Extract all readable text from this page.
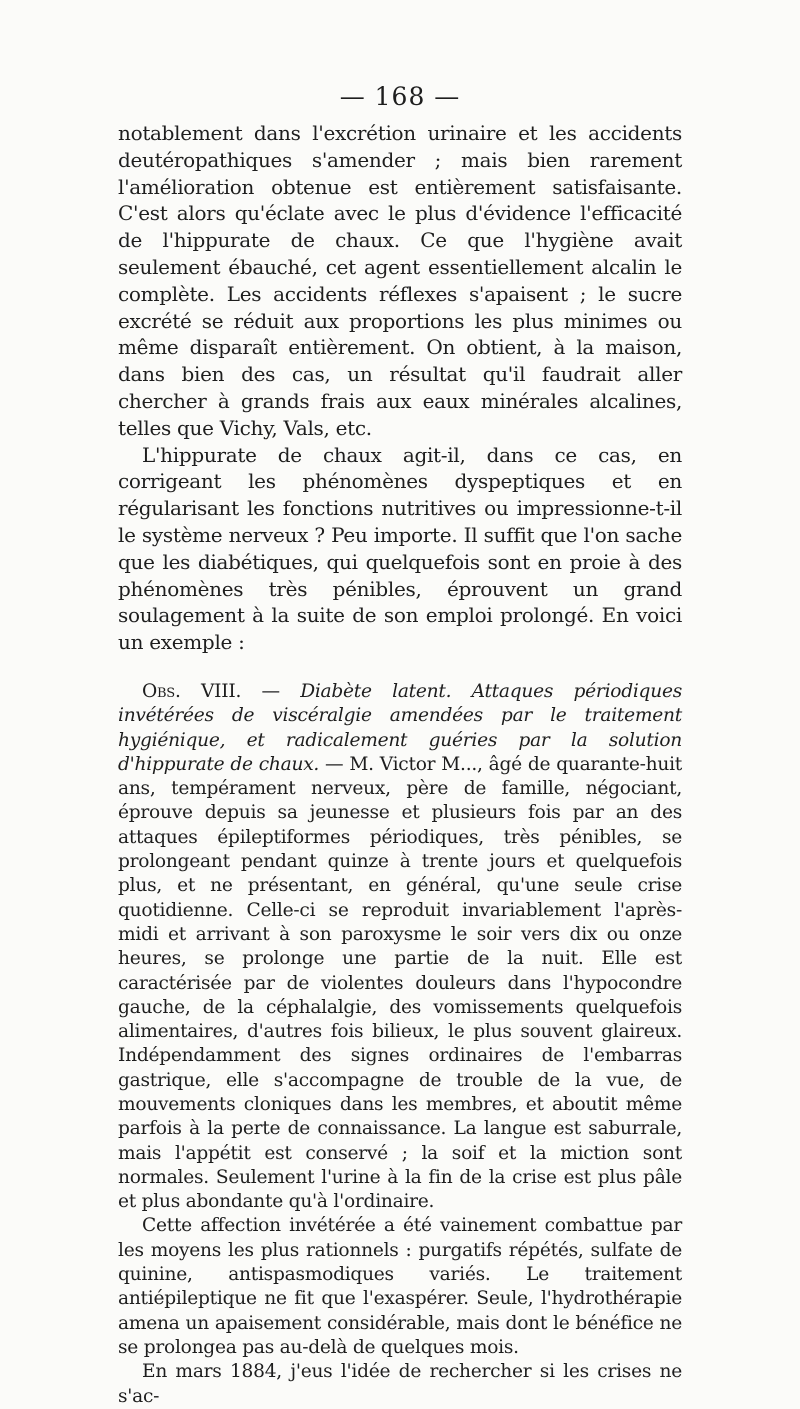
— 168 —

notablement dans l'excrétion urinaire et les accidents deutéropathiques s'amender ; mais bien rarement l'amélioration obtenue est entièrement satisfaisante. C'est alors qu'éclate avec le plus d'évidence l'efficacité de l'hippurate de chaux. Ce que l'hygiène avait seulement ébauché, cet agent essentiellement alcalin le complète. Les accidents réflexes s'apaisent ; le sucre excrété se réduit aux proportions les plus minimes ou même disparaît entièrement. On obtient, à la maison, dans bien des cas, un résultat qu'il faudrait aller chercher à grands frais aux eaux minérales alcalines, telles que Vichy, Vals, etc.

L'hippurate de chaux agit-il, dans ce cas, en corrigeant les phénomènes dyspeptiques et en régularisant les fonctions nutritives ou impressionne-t-il le système nerveux ? Peu importe. Il suffit que l'on sache que les diabétiques, qui quelquefois sont en proie à des phénomènes très pénibles, éprouvent un grand soulagement à la suite de son emploi prolongé. En voici un exemple :

Obs. VIII. — Diabète latent. Attaques périodiques invétérées de viscéralgie amendées par le traitement hygiénique, et radicalement guéries par la solution d'hippurate de chaux. — M. Victor M..., âgé de quarante-huit ans, tempérament nerveux, père de famille, négociant, éprouve depuis sa jeunesse et plusieurs fois par an des attaques épileptiformes périodiques, très pénibles, se prolongeant pendant quinze à trente jours et quelquefois plus, et ne présentant, en général, qu'une seule crise quotidienne. Celle-ci se reproduit invariablement l'après-midi et arrivant à son paroxysme le soir vers dix ou onze heures, se prolonge une partie de la nuit. Elle est caractérisée par de violentes douleurs dans l'hypocondre gauche, de la céphalalgie, des vomissements quelquefois alimentaires, d'autres fois bilieux, le plus souvent glaireux. Indépendamment des signes ordinaires de l'embarras gastrique, elle s'accompagne de trouble de la vue, de mouvements cloniques dans les membres, et aboutit même parfois à la perte de connaissance. La langue est saburrale, mais l'appétit est conservé ; la soif et la miction sont normales. Seulement l'urine à la fin de la crise est plus pâle et plus abondante qu'à l'ordinaire.

Cette affection invétérée a été vainement combattue par les moyens les plus rationnels : purgatifs répétés, sulfate de quinine, antispasmodiques variés. Le traitement antiépileptique ne fit que l'exaspérer. Seule, l'hydrothérapie amena un apaisement considérable, mais dont le bénéfice ne se prolongea pas au-delà de quelques mois.

En mars 1884, j'eus l'idée de rechercher si les crises ne s'ac-
